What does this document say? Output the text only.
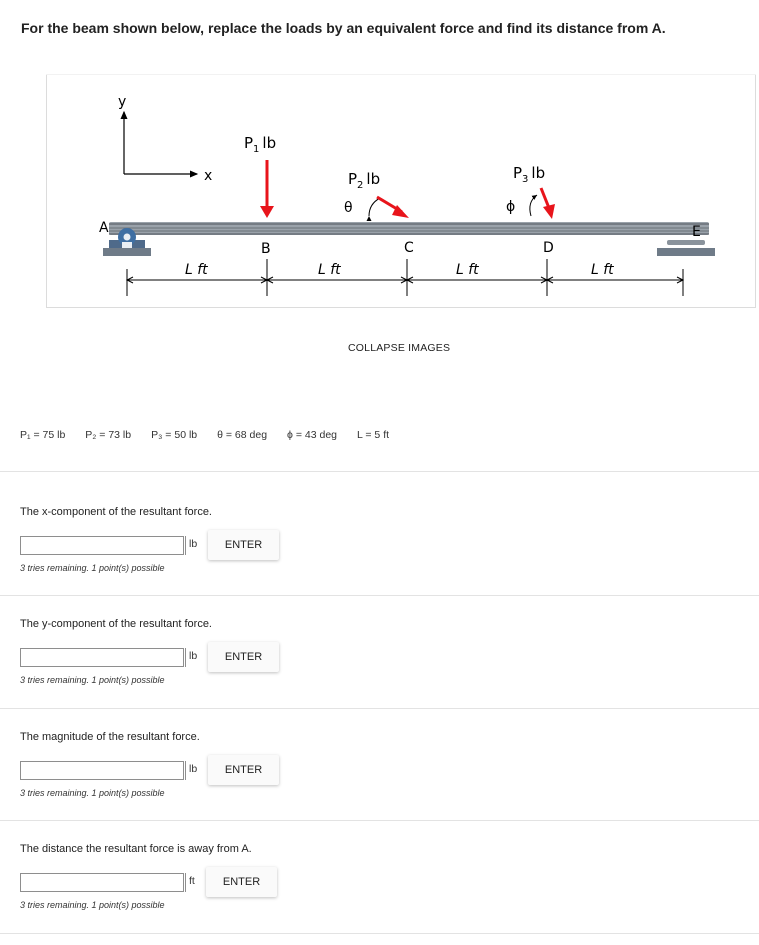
For the beam shown below, replace the loads by an equivalent force and find its distance from A.
y
x
$P_1$ lb
$P_2$ lb
θ
$P_3$ lb
ϕ
A
B	C	D
E
L ft	L ft	L ft	L ft
COLLAPSE IMAGES
P₁ = 75 lb P₂ = 73 lb P₃ = 50 lb θ = 68 deg ϕ = 43 deg L = 5 ft
The x-component of the resultant force.
lb	ENTER
3 tries remaining. 1 point(s) possible
The y-component of the resultant force.
lb	ENTER
3 tries remaining. 1 point(s) possible
The magnitude of the resultant force.
lb	ENTER
3 tries remaining. 1 point(s) possible
The distance the resultant force is away from A.
ft	ENTER
3 tries remaining. 1 point(s) possible
